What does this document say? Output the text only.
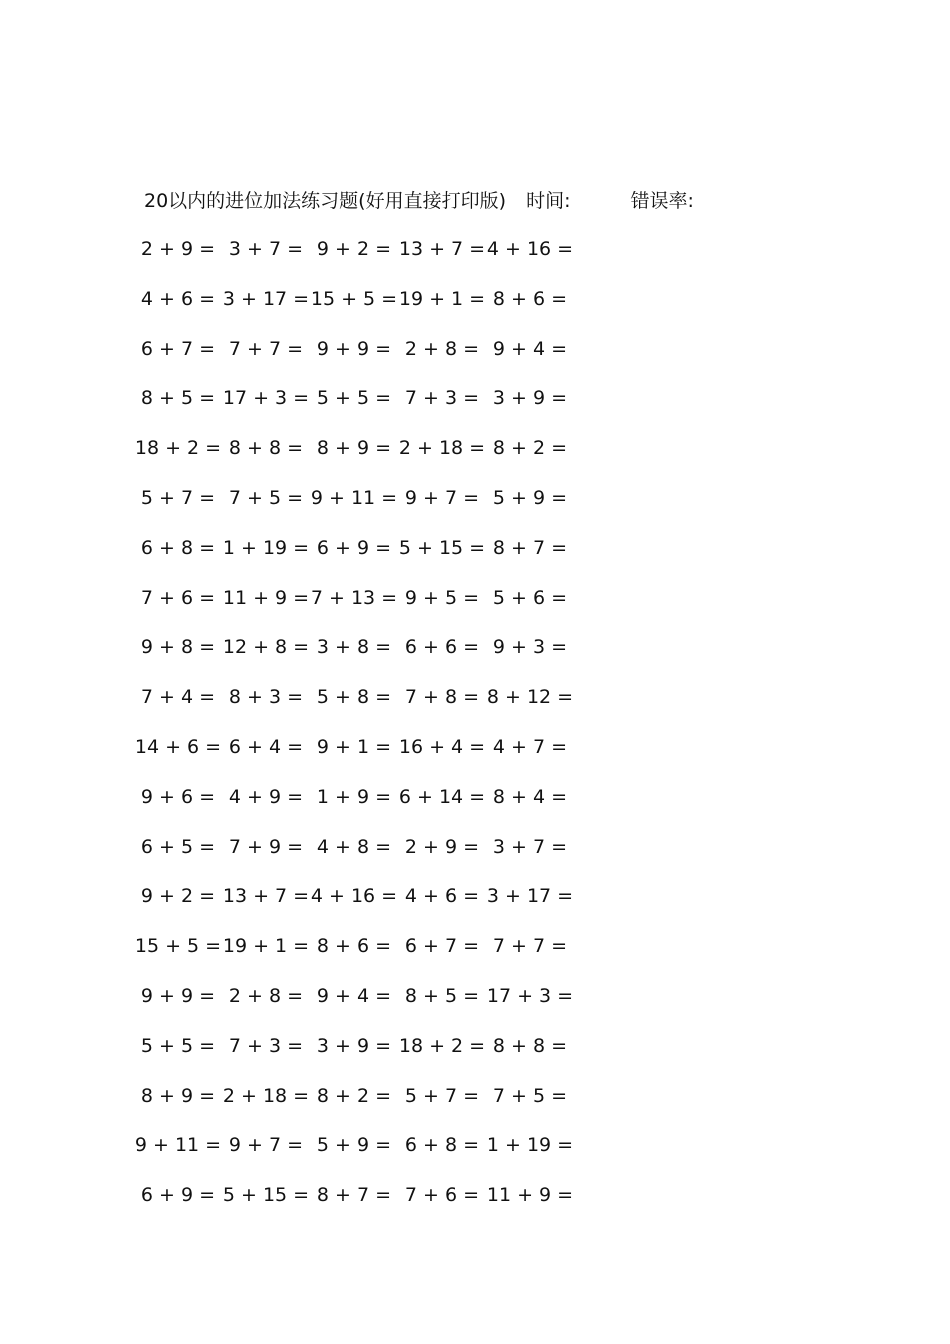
20以内的进位加法练习题(好用直接打印版) 时间:	错误率:
2 + 9 = 3 + 7 = 9 + 2 = 13 + 7 = 4 + 16 =
4 + 6 = 3 + 17 = 15 + 5 = 19 + 1 = 8 + 6 =
6 + 7 = 7 + 7 = 9 + 9 = 2 + 8 = 9 + 4 =
8 + 5 = 17 + 3 = 5 + 5 = 7 + 3 = 3 + 9 =
18 + 2 = 8 + 8 = 8 + 9 = 2 + 18 = 8 + 2 =
5 + 7 = 7 + 5 = 9 + 11 = 9 + 7 = 5 + 9 =
6 + 8 = 1 + 19 = 6 + 9 = 5 + 15 = 8 + 7 =
7 + 6 = 11 + 9 = 7 + 13 = 9 + 5 = 5 + 6 =
9 + 8 = 12 + 8 = 3 + 8 = 6 + 6 = 9 + 3 =
7 + 4 = 8 + 3 = 5 + 8 = 7 + 8 = 8 + 12 =
14 + 6 = 6 + 4 = 9 + 1 = 16 + 4 = 4 + 7 =
9 + 6 = 4 + 9 = 1 + 9 = 6 + 14 = 8 + 4 =
6 + 5 = 7 + 9 = 4 + 8 = 2 + 9 = 3 + 7 =
9 + 2 = 13 + 7 = 4 + 16 = 4 + 6 = 3 + 17 =
15 + 5 = 19 + 1 = 8 + 6 = 6 + 7 = 7 + 7 =
9 + 9 = 2 + 8 = 9 + 4 = 8 + 5 = 17 + 3 =
5 + 5 = 7 + 3 = 3 + 9 = 18 + 2 = 8 + 8 =
8 + 9 = 2 + 18 = 8 + 2 = 5 + 7 = 7 + 5 =
9 + 11 = 9 + 7 = 5 + 9 = 6 + 8 = 1 + 19 =
6 + 9 = 5 + 15 = 8 + 7 = 7 + 6 = 11 + 9 =
